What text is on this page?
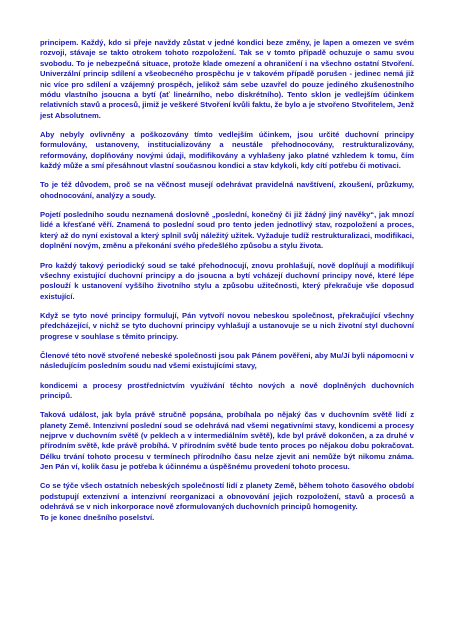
principem. Každý, kdo si přeje navždy zůstat v jedné kondici beze změny, je lapen a omezen ve svém rozvoji, stávaje se takto otrokem tohoto rozpoložení. Tak se v tomto případě ochuzuje o samu svou svobodu. To je nebezpečná situace, protože klade omezení a ohraničení i na všechno ostatní Stvoření. Univerzální princip sdílení a všeobecného prospěchu je v takovém případě porušen - jedinec nemá již nic více pro sdílení a vzájemný prospěch, jelikož sám sebe uzavřel do pouze jediného zkušenostního módu vlastního jsoucna a bytí (ať lineárního, nebo diskrétního). Tento sklon je vedlejším účinkem relativních stavů a procesů, jimiž je veškeré Stvoření kvůli faktu, že bylo a je stvořeno Stvořitelem, Jenž jest Absolutnem.

Aby nebyly ovlivněny a poškozovány tímto vedlejším účinkem, jsou určité duchovní principy formulovány, ustanoveny, institucializovány a neustále přehodnocovány, restrukturalizovány, reformovány, doplňovány novými údaji, modifikovány a vyhlašeny jako platné vzhledem k tomu, čím každý může a smí přesáhnout vlastní současnou kondici a stav kdykoli, kdy cítí potřebu či motivaci.

To je též důvodem, proč se na věčnost musejí odehrávat pravidelná navštívení, zkoušení, průzkumy, ohodnocování, analýzy a soudy.

Pojetí posledního soudu neznamená doslovně „poslední, konečný či již žádný jiný navěky“, jak mnozí lidé a křesťané věří. Znamená to poslední soud pro tento jeden jednotlivý stav, rozpoložení a proces, který až do nyní existoval a který splnil svůj náležitý užitek. Vyžaduje tudíž restrukturalizaci, modifikaci, doplnění novým, změnu a překonání svého předešlého způsobu a stylu života.

Pro každý takový periodický soud se také přehodnocují, znovu prohlašují, nově doplňují a modifikují všechny existující duchovní principy a do jsoucna a bytí vcházejí duchovní principy nové, které lépe poslouží k ustanovení vyššího životního stylu a způsobu užitečnosti, který překračuje vše doposud existující.

Když se tyto nové principy formulují, Pán vytvoří novou nebeskou společnost, překračující všechny předcházející, v nichž se tyto duchovní principy vyhlašují a ustanovuje se u nich životní styl duchovní progrese v souhlase s těmito principy.

Členové této nově stvořené nebeské společnosti jsou pak Pánem pověřeni, aby Mu/Jí byli nápomocni v následujícím posledním soudu nad všemi existujícími stavy,

kondicemi a procesy prostřednictvím využívání těchto nových a nově doplněných duchovních principů.

Taková událost, jak byla právě stručně popsána, probíhala po nějaký čas v duchovním světě lidí z planety Země. Intenzivní poslední soud se odehrává nad všemi negativními stavy, kondicemi a procesy nejprve v duchovním světě (v peklech a v intermediálním světě), kde byl právě dokončen, a za druhé v přírodním světě, kde právě probíhá. V přírodním světě bude tento proces po nějakou dobu pokračovat. Délku trvání tohoto procesu v termínech přírodního času nelze zjevit ani nemůže být nikomu známa. Jen Pán ví, kolik času je potřeba k účinnému a úspěšnému provedení tohoto procesu.

Co se týče všech ostatních nebeských společností lidí z planety Země, během tohoto časového období podstupují extenzivní a intenzivní reorganizaci a obnovování jejich rozpoložení, stavů a procesů a odehrává se v nich inkorporace nově zformulovaných duchovních principů homogenity.

To je konec dnešního poselství.
